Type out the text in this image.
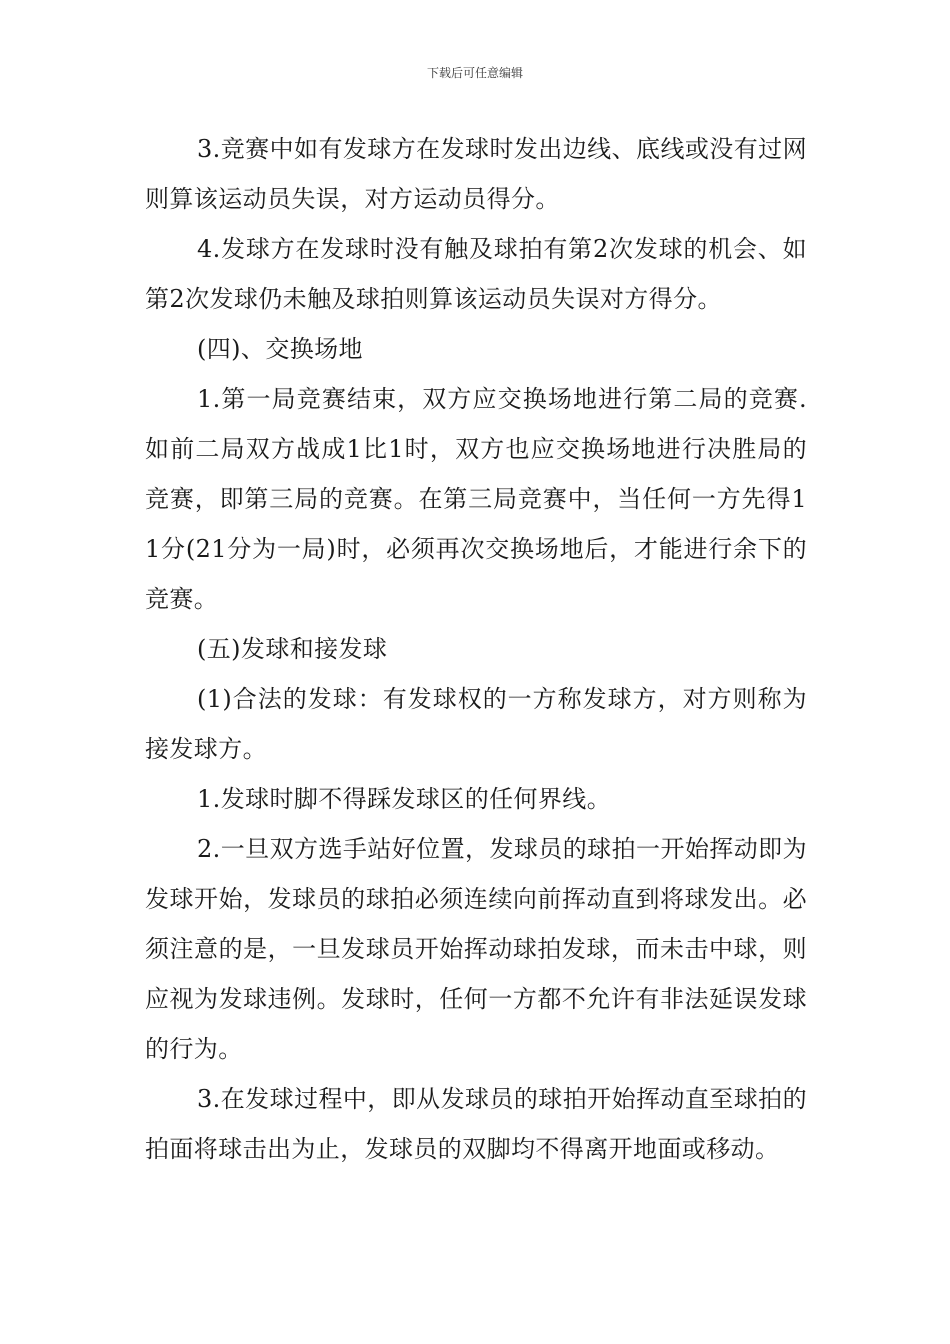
下载后可任意编辑

3.竞赛中如有发球方在发球时发出边线、底线或没有过网则算该运动员失误，对方运动员得分。

4.发球方在发球时没有触及球拍有第2次发球的机会、如第2次发球仍未触及球拍则算该运动员失误对方得分。

(四)、交换场地

1.第一局竞赛结束，双方应交换场地进行第二局的竞赛.如前二局双方战成1比1时，双方也应交换场地进行决胜局的竞赛，即第三局的竞赛。在第三局竞赛中，当任何一方先得11分(21分为一局)时，必须再次交换场地后，才能进行余下的竞赛。

(五)发球和接发球

(1)合法的发球：有发球权的一方称发球方，对方则称为接发球方。

1.发球时脚不得踩发球区的任何界线。

2.一旦双方选手站好位置，发球员的球拍一开始挥动即为发球开始，发球员的球拍必须连续向前挥动直到将球发出。必须注意的是，一旦发球员开始挥动球拍发球，而未击中球，则应视为发球违例。发球时，任何一方都不允许有非法延误发球的行为。

3.在发球过程中，即从发球员的球拍开始挥动直至球拍的拍面将球击出为止，发球员的双脚均不得离开地面或移动。
